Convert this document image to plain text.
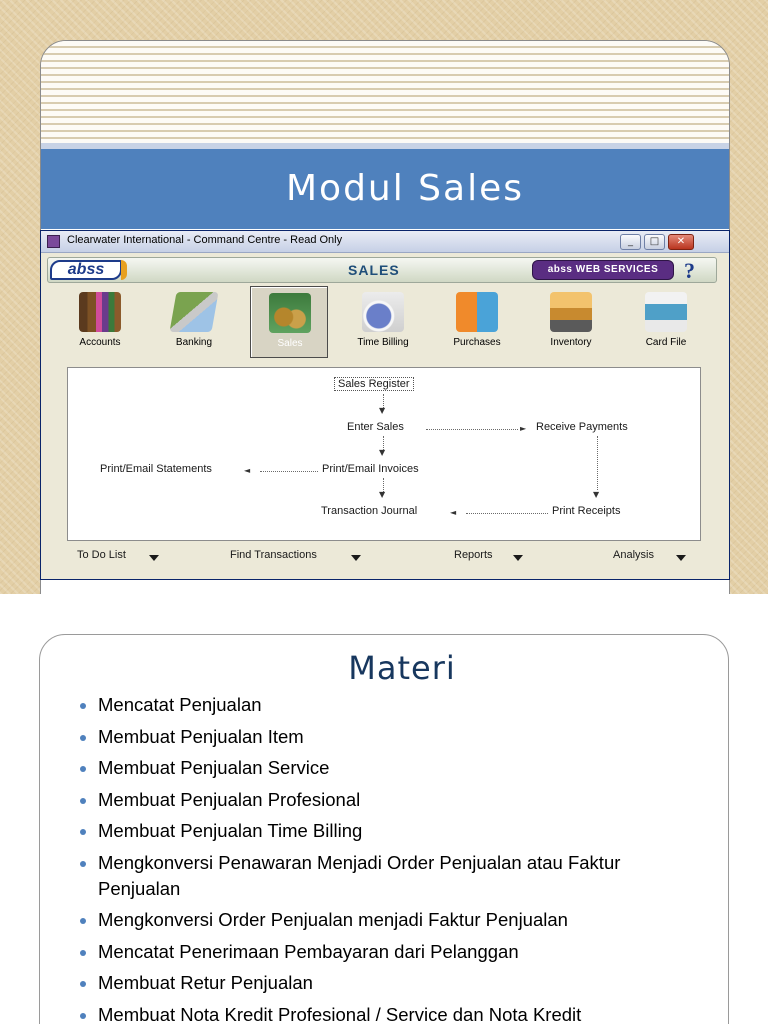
Modul Sales
Clearwater International - Command Centre - Read Only	_	□	✕
abss	SALES	abss WEB SERVICES	?
Accounts	Banking	Sales	Time Billing	Purchases	Inventory	Card File
Sales Register
▼
Enter Sales	► Receive Payments
▼
Print/Email Statements	◄	Print/Email Invoices
▼
▼
Transaction Journal	◄	Print Receipts
To Do List	Find Transactions	Reports	Analysis
Materi
Mencatat Penjualan
Membuat Penjualan Item
Membuat Penjualan Service
Membuat Penjualan Profesional
Membuat Penjualan Time Billing
Mengkonversi Penawaran Menjadi Order Penjualan atau Faktur Penjualan
Mengkonversi Order Penjualan menjadi Faktur Penjualan
Mencatat Penerimaan Pembayaran dari Pelanggan
Membuat Retur Penjualan
Membuat Nota Kredit Profesional / Service dan Nota Kredit
